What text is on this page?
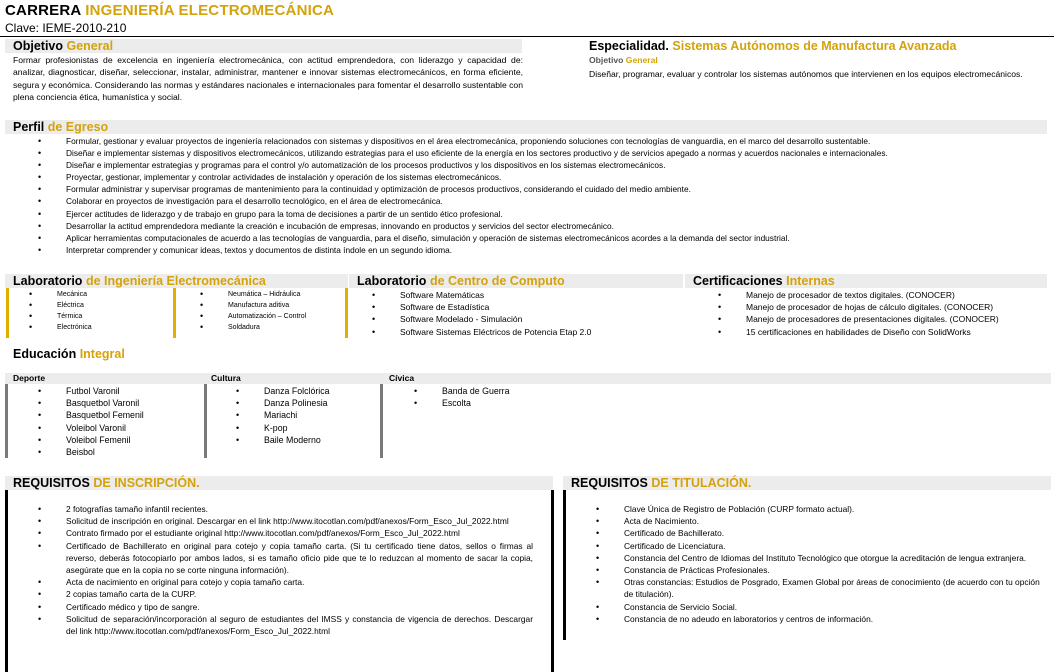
CARRERA INGENIERÍA ELECTROMECÁNICA
Clave: IEME-2010-210
Objetivo General
Formar profesionistas de excelencia en ingeniería electromecánica, con actitud emprendedora, con liderazgo y capacidad de: analizar, diagnosticar, diseñar, seleccionar, instalar, administrar, mantener e innovar sistemas electromecánicos, en forma eficiente, segura y económica. Considerando las normas y estándares nacionales e internacionales para fomentar el desarrollo sustentable con plena conciencia ética, humanística y social.
Especialidad. Sistemas Autónomos de Manufactura Avanzada
Objetivo General
Diseñar, programar, evaluar y controlar los sistemas autónomos que intervienen en los equipos electromecánicos.
Perfil de Egreso
• Formular, gestionar y evaluar proyectos de ingeniería relacionados con sistemas y dispositivos en el área electromecánica, proponiendo soluciones con tecnologías de vanguardia, en el marco del desarrollo sustentable.
• Diseñar e implementar sistemas y dispositivos electromecánicos, utilizando estrategias para el uso eficiente de la energía en los sectores productivo y de servicios apegado a normas y acuerdos nacionales e internacionales.
• Diseñar e implementar estrategias y programas para el control y/o automatización de los procesos productivos y los dispositivos en los sistemas electromecánicos.
• Proyectar, gestionar, implementar y controlar actividades de instalación y operación de los sistemas electromecánicos.
• Formular administrar y supervisar programas de mantenimiento para la continuidad y optimización de procesos productivos, considerando el cuidado del medio ambiente.
• Colaborar en proyectos de investigación para el desarrollo tecnológico, en el área de electromecánica.
• Ejercer actitudes de liderazgo y de trabajo en grupo para la toma de decisiones a partir de un sentido ético profesional.
• Desarrollar la actitud emprendedora mediante la creación e incubación de empresas, innovando en productos y servicios del sector electromecánico.
• Aplicar herramientas computacionales de acuerdo a las tecnologías de vanguardia, para el diseño, simulación y operación de sistemas electromecánicos acordes a la demanda del sector industrial.
• Interpretar comprender y comunicar ideas, textos y documentos de distinta índole en un segundo idioma.
Laboratorio de Ingeniería Electromecánica
• Mecánica
• Eléctrica
• Térmica
• Electrónica
• Neumática – Hidráulica
• Manufactura aditiva
• Automatización – Control
• Soldadura
Laboratorio de Centro de Computo
• Software Matemáticas
• Software de Estadística
• Software Modelado - Simulación
• Software Sistemas Eléctricos de Potencia Etap 2.0
Certificaciones Internas
• Manejo de procesador de textos digitales. (CONOCER)
• Manejo de procesador de hojas de cálculo digitales. (CONOCER)
• Manejo de procesadores de presentaciones digitales. (CONOCER)
• 15 certificaciones en habilidades de Diseño con SolidWorks
Educación Integral
Deporte	Cultura	Cívica
• Futbol Varonil
• Basquetbol Varonil
• Basquetbol Femenil
• Voleibol Varonil
• Voleibol Femenil
• Beisbol
• Danza Folclórica
• Danza Polinesia
• Mariachi
• K-pop
• Baile Moderno
• Banda de Guerra
• Escolta
REQUISITOS DE INSCRIPCIÓN.
• 2 fotografías tamaño infantil recientes.
• Solicitud de inscripción en original. Descargar en el link http://www.itocotlan.com/pdf/anexos/Form_Esco_Jul_2022.html
• Contrato firmado por el estudiante original http://www.itocotlan.com/pdf/anexos/Form_Esco_Jul_2022.html
• Certificado de Bachillerato en original para cotejo y copia tamaño carta. (Si tu certificado tiene datos, sellos o firmas al reverso, deberás fotocopiarlo por ambos lados, si es tamaño oficio pide que te lo reduzcan al momento de sacar la copia, asegúrate que en la copia no se corte ninguna información).
• Acta de nacimiento en original para cotejo y copia tamaño carta.
• 2 copias tamaño carta de la CURP.
• Certificado médico y tipo de sangre.
• Solicitud de separación/incorporación al seguro de estudiantes del IMSS y constancia de vigencia de derechos. Descargar del link http://www.itocotlan.com/pdf/anexos/Form_Esco_Jul_2022.html
REQUISITOS DE TITULACIÓN.
• Clave Única de Registro de Población (CURP formato actual).
• Acta de Nacimiento.
• Certificado de Bachillerato.
• Certificado de Licenciatura.
• Constancia del Centro de Idiomas del Instituto Tecnológico que otorgue la acreditación de lengua extranjera.
• Constancia de Prácticas Profesionales.
• Otras constancias: Estudios de Posgrado, Examen Global por áreas de conocimiento (de acuerdo con tu opción de titulación).
• Constancia de Servicio Social.
• Constancia de no adeudo en laboratorios y centros de información.
